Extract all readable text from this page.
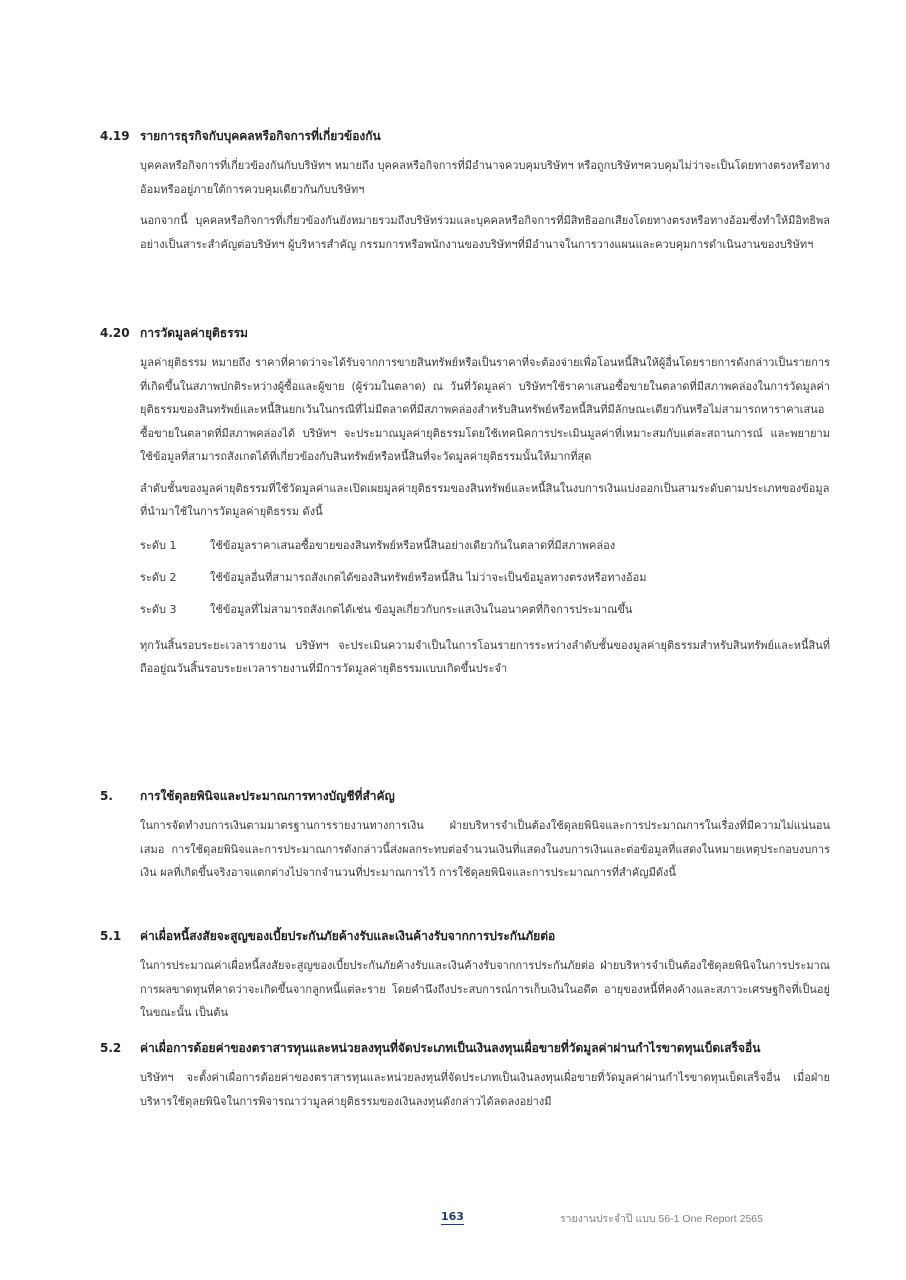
4.19 รายการธุรกิจกับบุคคลหรือกิจการที่เกี่ยวข้องกัน
บุคคลหรือกิจการที่เกี่ยวข้องกันกับบริษัทฯ หมายถึง บุคคลหรือกิจการที่มีอำนาจควบคุมบริษัทฯ หรือถูกบริษัทฯควบคุมไม่ว่าจะเป็นโดยทางตรงหรือทางอ้อมหรืออยู่ภายใต้การควบคุมเดียวกันกับบริษัทฯ
นอกจากนี้ บุคคลหรือกิจการที่เกี่ยวข้องกันยังหมายรวมถึงบริษัทร่วมและบุคคลหรือกิจการที่มีสิทธิออกเสียงโดยทางตรงหรือทางอ้อมซึ่งทำให้มีอิทธิพลอย่างเป็นสาระสำคัญต่อบริษัทฯ ผู้บริหารสำคัญ กรรมการหรือพนักงานของบริษัทฯที่มีอำนาจในการวางแผนและควบคุมการดำเนินงานของบริษัทฯ
4.20 การวัดมูลค่ายุติธรรม
มูลค่ายุติธรรม หมายถึง ราคาที่คาดว่าจะได้รับจากการขายสินทรัพย์หรือเป็นราคาที่จะต้องจ่ายเพื่อโอนหนี้สินให้ผู้อื่นโดยรายการดังกล่าวเป็นรายการที่เกิดขึ้นในสภาพปกติระหว่างผู้ซื้อและผู้ขาย (ผู้ร่วมในตลาด) ณ วันที่วัดมูลค่า บริษัทฯใช้ราคาเสนอซื้อขายในตลาดที่มีสภาพคล่องในการวัดมูลค่ายุติธรรมของสินทรัพย์และหนี้สินยกเว้นในกรณีที่ไม่มีตลาดที่มีสภาพคล่องสำหรับสินทรัพย์หรือหนี้สินที่มีลักษณะเดียวกันหรือไม่สามารถหาราคาเสนอซื้อขายในตลาดที่มีสภาพคล่องได้ บริษัทฯ จะประมาณมูลค่ายุติธรรมโดยใช้เทคนิคการประเมินมูลค่าที่เหมาะสมกับแต่ละสถานการณ์ และพยายามใช้ข้อมูลที่สามารถสังเกตได้ที่เกี่ยวข้องกับสินทรัพย์หรือหนี้สินที่จะวัดมูลค่ายุติธรรมนั้นให้มากที่สุด
ลำดับชั้นของมูลค่ายุติธรรมที่ใช้วัดมูลค่าและเปิดเผยมูลค่ายุติธรรมของสินทรัพย์และหนี้สินในงบการเงินแบ่งออกเป็นสามระดับตามประเภทของข้อมูลที่นำมาใช้ในการวัดมูลค่ายุติธรรม ดังนี้
ระดับ 1	ใช้ข้อมูลราคาเสนอซื้อขายของสินทรัพย์หรือหนี้สินอย่างเดียวกันในตลาดที่มีสภาพคล่อง
ระดับ 2	ใช้ข้อมูลอื่นที่สามารถสังเกตได้ของสินทรัพย์หรือหนี้สิน ไม่ว่าจะเป็นข้อมูลทางตรงหรือทางอ้อม
ระดับ 3	ใช้ข้อมูลที่ไม่สามารถสังเกตได้เช่น ข้อมูลเกี่ยวกับกระแสเงินในอนาคตที่กิจการประมาณขึ้น
ทุกวันสิ้นรอบระยะเวลารายงาน บริษัทฯ จะประเมินความจำเป็นในการโอนรายการระหว่างลำดับชั้นของมูลค่ายุติธรรมสำหรับสินทรัพย์และหนี้สินที่ถืออยู่ณวันสิ้นรอบระยะเวลารายงานที่มีการวัดมูลค่ายุติธรรมแบบเกิดขึ้นประจำ
5. การใช้ดุลยพินิจและประมาณการทางบัญชีที่สำคัญ
ในการจัดทำงบการเงินตามมาตรฐานการรายงานทางการเงิน ฝ่ายบริหารจำเป็นต้องใช้ดุลยพินิจและการประมาณการในเรื่องที่มีความไม่แน่นอนเสมอ การใช้ดุลยพินิจและการประมาณการดังกล่าวนี้ส่งผลกระทบต่อจำนวนเงินที่แสดงในงบการเงินและต่อข้อมูลที่แสดงในหมายเหตุประกอบงบการเงิน ผลที่เกิดขึ้นจริงอาจแตกต่างไปจากจำนวนที่ประมาณการไว้ การใช้ดุลยพินิจและการประมาณการที่สำคัญมีดังนี้
5.1 ค่าเผื่อหนี้สงสัยจะสูญของเบี้ยประกันภัยค้างรับและเงินค้างรับจากการประกันภัยต่อ
ในการประมาณค่าเผื่อหนี้สงสัยจะสูญของเบี้ยประกันภัยค้างรับและเงินค้างรับจากการประกันภัยต่อ ฝ่ายบริหารจำเป็นต้องใช้ดุลยพินิจในการประมาณการผลขาดทุนที่คาดว่าจะเกิดขึ้นจากลูกหนี้แต่ละราย โดยคำนึงถึงประสบการณ์การเก็บเงินในอดีต อายุของหนี้ที่คงค้างและสภาวะเศรษฐกิจที่เป็นอยู่ในขณะนั้น เป็นต้น
5.2 ค่าเผื่อการด้อยค่าของตราสารทุนและหน่วยลงทุนที่จัดประเภทเป็นเงินลงทุนเผื่อขายที่วัดมูลค่าผ่านกำไรขาดทุนเบ็ดเสร็จอื่น
บริษัทฯ จะตั้งค่าเผื่อการด้อยค่าของตราสารทุนและหน่วยลงทุนที่จัดประเภทเป็นเงินลงทุนเผื่อขายที่วัดมูลค่าผ่านกำไรขาดทุนเบ็ดเสร็จอื่น เมื่อฝ่ายบริหารใช้ดุลยพินิจในการพิจารณาว่ามูลค่ายุติธรรมของเงินลงทุนดังกล่าวได้ลดลงอย่างมี
163	รายงานประจำปี แบบ 56-1 One Report 2565
